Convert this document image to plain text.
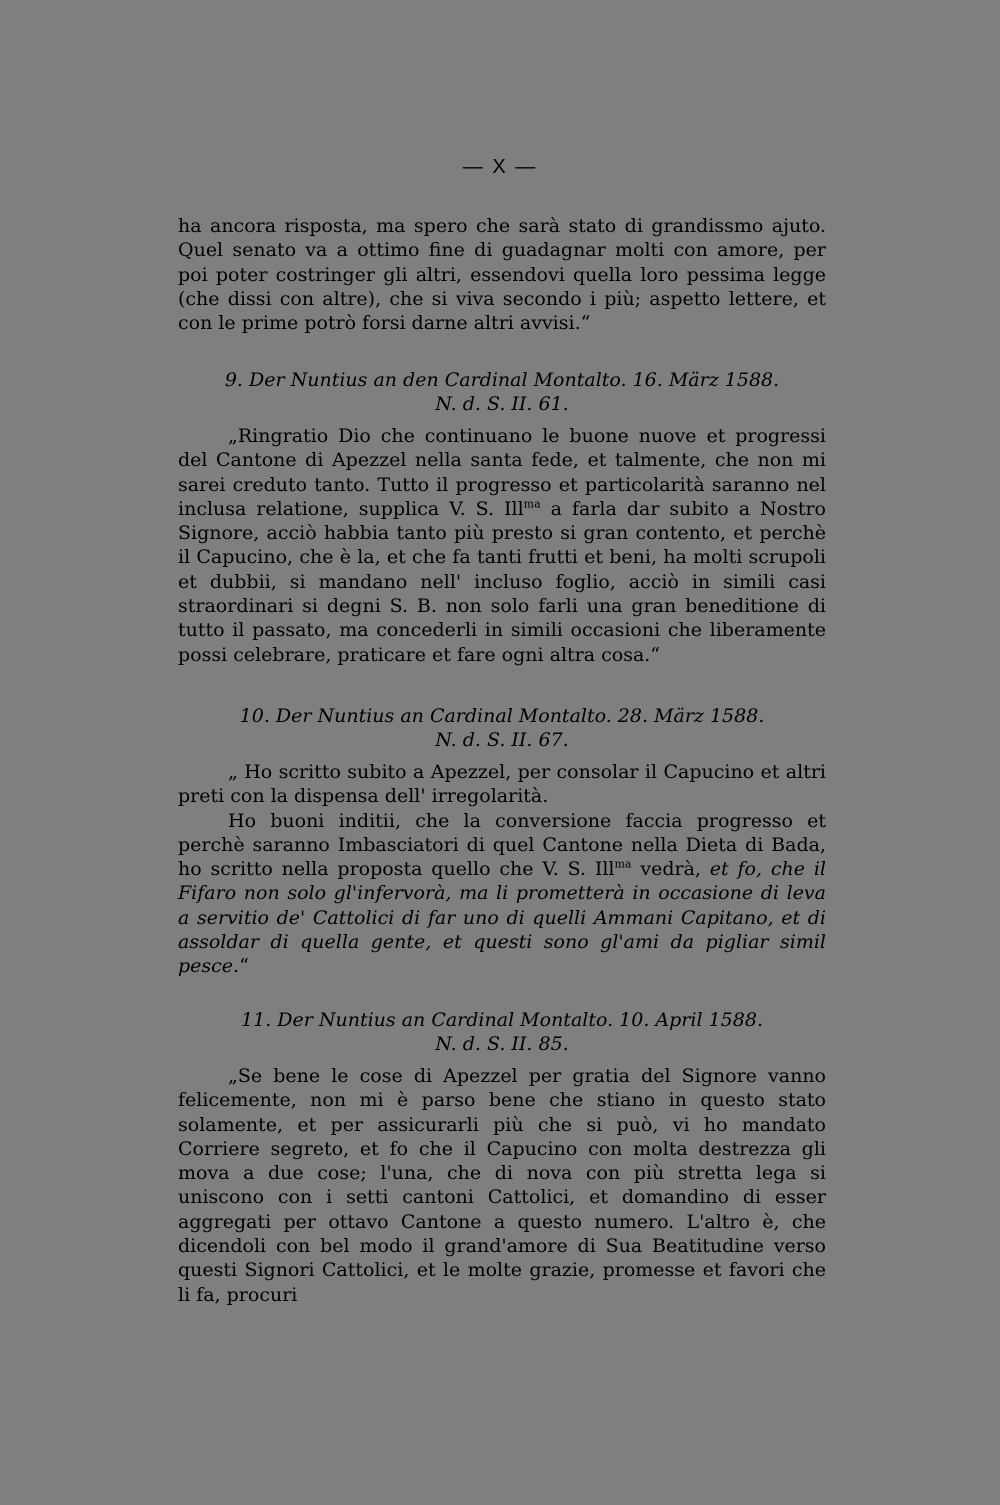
— X —

ha ancora risposta, ma spero che sarà stato di grandissmo ajuto. Quel senato va a ottimo fine di guadagnar molti con amore, per poi poter costringer gli altri, essendovi quella loro pessima legge (che dissi con altre), che si viva secondo i più; aspetto lettere, et con le prime potrò forsi darne altri avvisi.“

9. Der Nuntius an den Cardinal Montalto. 16. März 1588.

N. d. S. II. 61.

„Ringratio Dio che continuano le buone nuove et progressi del Cantone di Apezzel nella santa fede, et talmente, che non mi sarei creduto tanto. Tutto il progresso et particolarità saranno nel inclusa relatione, supplica V. S. Ill$^{ma}$ a farla dar subito a Nostro Signore, acciò habbia tanto più presto si gran contento, et perchè il Capucino, che è la, et che fa tanti frutti et beni, ha molti scrupoli et dubbii, si mandano nell' incluso foglio, acciò in simili casi straordinari si degni S. B. non solo farli una gran beneditione di tutto il passato, ma concederli in simili occasioni che liberamente possi celebrare, praticare et fare ogni altra cosa.“

10. Der Nuntius an Cardinal Montalto. 28. März 1588.

N. d. S. II. 67.

„ Ho scritto subito a Apezzel, per consolar il Capucino et altri preti con la dispensa dell' irregolarità.

Ho buoni inditii, che la conversione faccia progresso et perchè saranno Imbasciatori di quel Cantone nella Dieta di Bada, ho scritto nella proposta quello che V. S. Ill$^{ma}$ vedrà, et fo, che il Fifaro non solo gl'infervorà, ma li prometterà in occasione di leva a servitio de' Cattolici di far uno di quelli Ammani Capitano, et di assoldar di quella gente, et questi sono gl'ami da pigliar simil pesce.“

11. Der Nuntius an Cardinal Montalto. 10. April 1588.

N. d. S. II. 85.

„Se bene le cose di Apezzel per gratia del Signore vanno felicemente, non mi è parso bene che stiano in questo stato solamente, et per assicurarli più che si può, vi ho mandato Corriere segreto, et fo che il Capucino con molta destrezza gli mova a due cose; l'una, che di nova con più stretta lega si uniscono con i setti cantoni Cattolici, et domandino di esser aggregati per ottavo Cantone a questo numero. L'altro è, che dicendoli con bel modo il grand'amore di Sua Beatitudine verso questi Signori Cattolici, et le molte grazie, promesse et favori che li fa, procuri
